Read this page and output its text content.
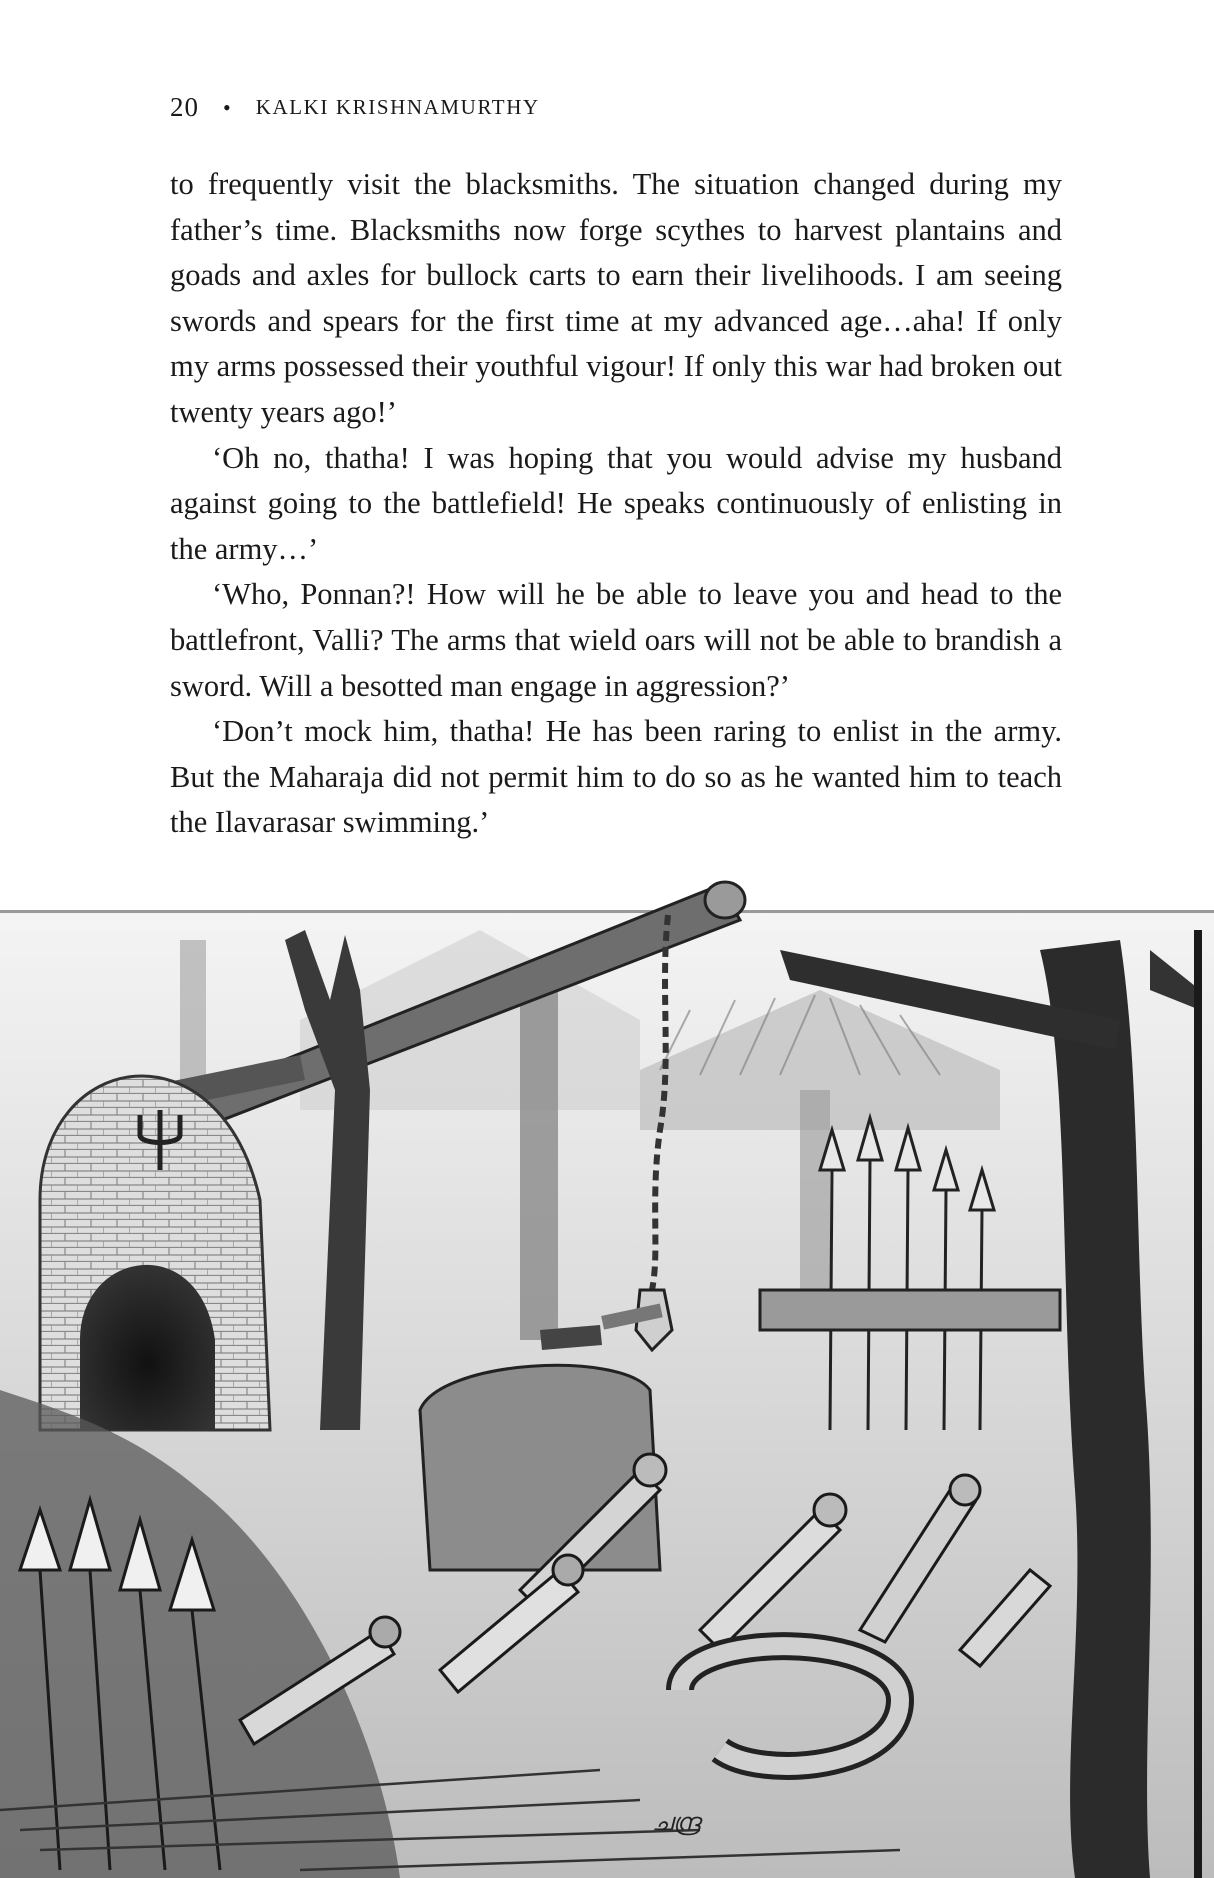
20 • KALKI KRISHNAMURTHY

to frequently visit the blacksmiths. The situation changed during my father’s time. Blacksmiths now forge scythes to harvest plantains and goads and axles for bullock carts to earn their livelihoods. I am seeing swords and spears for the first time at my advanced age…aha! If only my arms possessed their youthful vigour! If only this war had broken out twenty years ago!’

‘Oh no, thatha! I was hoping that you would advise my husband against going to the battlefield! He speaks continuously of enlisting in the army…’

‘Who, Ponnan?! How will he be able to leave you and head to the battlefront, Valli? The arms that wield oars will not be able to brandish a sword. Will a besotted man engage in aggression?’

‘Don’t mock him, thatha! He has been raring to enlist in the army. But the Maharaja did not permit him to do so as he wanted him to teach the Ilavarasar swimming.’

ചന്ദ്ര
